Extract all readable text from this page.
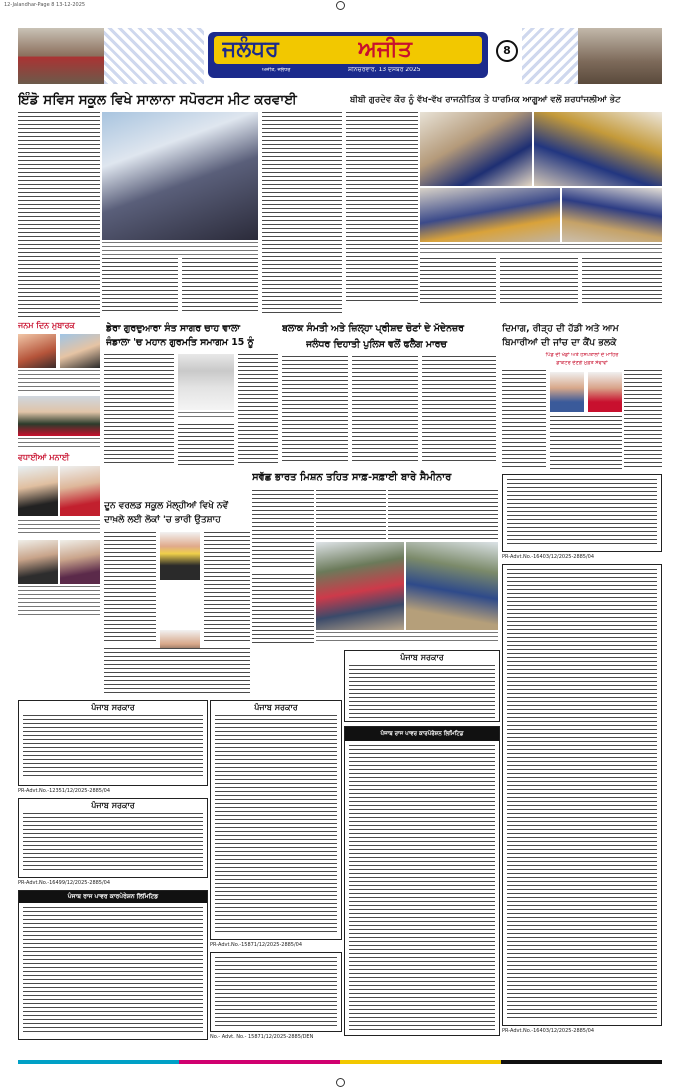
12-Jalandhar-Page 8 13-12-2025
ਜਲੰਧਰ	ਅਜੀਤ
ਅਜੀਤ, ਜਲੰਧਰ	ਸ਼ਨਿੱਚਰਵਾਰ, 13 ਦਸੰਬਰ 2025
8
ਇੰਡੋ ਸਵਿਸ ਸਕੂਲ ਵਿਖੇ ਸਾਲਾਨਾ ਸਪੋਰਟਸ ਮੀਟ ਕਰਵਾਈ	ਬੀਬੀ ਗੁਰਦੇਵ ਕੌਰ ਨੂੰ ਵੱਖ-ਵੱਖ ਰਾਜਨੀਤਿਕ ਤੇ ਧਾਰਮਿਕ ਆਗੂਆਂ ਵਲੋਂ ਸ਼ਰਧਾਂਜਲੀਆਂ ਭੇਟ
ਜਨਮ ਦਿਨ ਮੁਬਾਰਕ
ਵਧਾਈਆਂ ਮਨਾਈ
ਡੇਰਾ ਗੁਰਦੁਆਰਾ ਸੰਤ ਸਾਗਰ ਚਾਹ ਵਾਲਾ
ਜੰਡਾਲਾ 'ਚ ਮਹਾਨ ਗੁਰਮਤਿ ਸਮਾਗਮ 15 ਨੂੰ
ਬਲਾਕ ਸੰਮਤੀ ਅਤੇ ਜ਼ਿਲ੍ਹਾ ਪ੍ਰੀਸ਼ਦ ਚੋਣਾਂ ਦੇ ਮੱਦੇਨਜ਼ਰ
ਜਲੰਧਰ ਦਿਹਾਤੀ ਪੁਲਿਸ ਵਲੋਂ ਫਲੈਗ ਮਾਰਚ
ਦਿਮਾਗ, ਰੀੜ੍ਹ ਦੀ ਹੱਡੀ ਅਤੇ ਆਮ
ਬਿਮਾਰੀਆਂ ਦੀ ਜਾਂਚ ਦਾ ਕੈਂਪ ਭਲਕੇ
ਪਿੰਡ ਦੀ ਖੇਡਾਂ ਅਤੇ ਹਸਪਤਾਲਾਂ ਦੇ ਮਾਹਿਰ
ਡਾਕਟਰ ਦੇਣਗੇ ਮੁਫ਼ਤ ਸੇਵਾਵਾਂ
ਸਵੱਛ ਭਾਰਤ ਮਿਸ਼ਨ ਤਹਿਤ ਸਾਫ਼-ਸਫ਼ਾਈ ਬਾਰੇ ਸੈਮੀਨਾਰ
ਦੂਨ ਵਰਲਡ ਸਕੂਲ ਮੱਲ੍ਹੀਆਂ ਵਿਖੇ ਨਵੇਂ
ਦਾਖ਼ਲੇ ਲਈ ਲੋਕਾਂ 'ਚ ਭਾਰੀ ਉਤਸ਼ਾਹ
PR-Advt.No.-16403/12/2025-2885/04
PR-Advt.No.-16403/12/2025-2885/04
ਪੰਜਾਬ ਸਰਕਾਰ
PR-Advt.No.-12351/12/2025-2885/04
ਪੰਜਾਬ ਸਰਕਾਰ
PR-Advt.No.-16499/12/2025-2885/04
ਪੰਜਾਬ ਰਾਜ ਪਾਵਰ ਕਾਰਪੋਰੇਸ਼ਨ ਲਿਮਿਟਿਡ
ਪੰਜਾਬ ਸਰਕਾਰ
PR-Advt.No.-15871/12/2025-2885/04
No.- Advt. No.- 15871/12/2025-2885/DEN
ਪੰਜਾਬ ਸਰਕਾਰ
ਪੰਜਾਬ ਰਾਜ ਪਾਵਰ ਕਾਰਪੋਰੇਸ਼ਨ ਲਿਮਿਟਿਡ
